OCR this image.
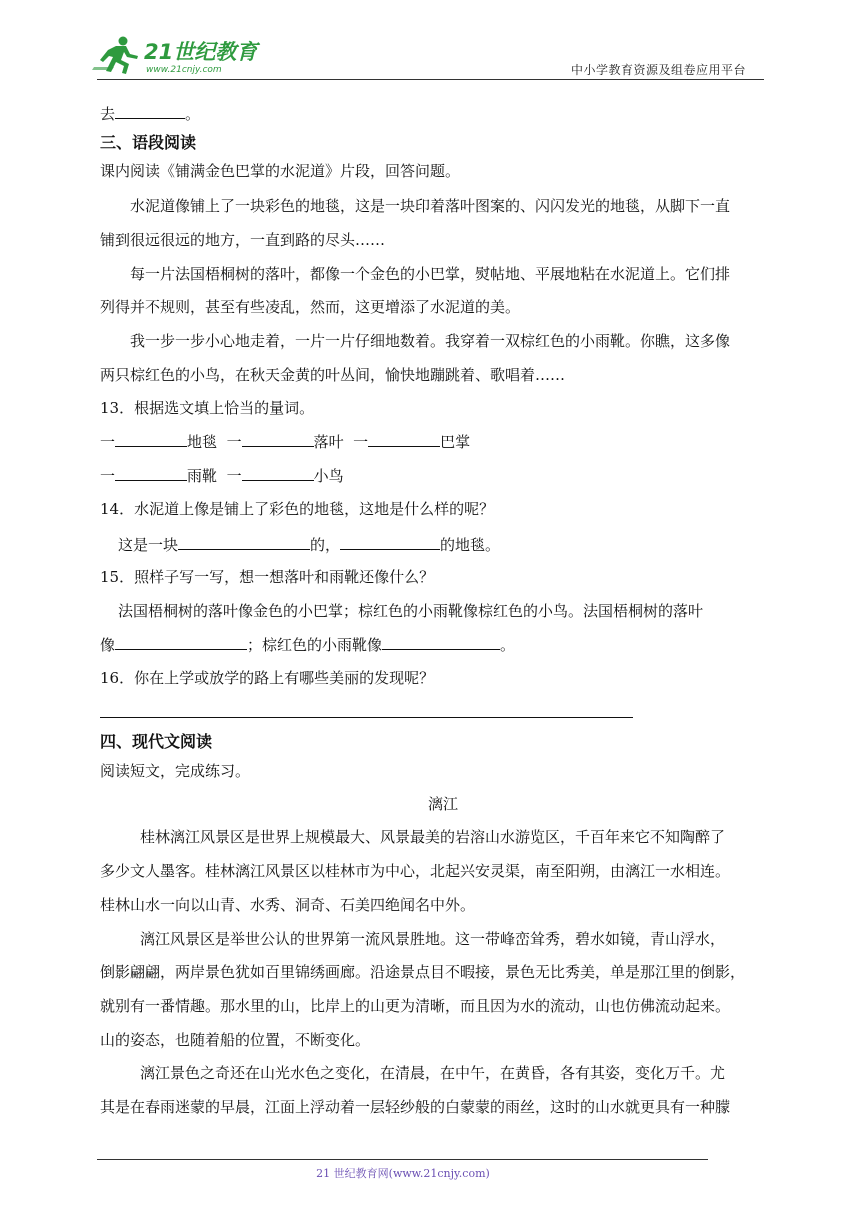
21世纪教育
www.21cnjy.com	中小学教育资源及组卷应用平台
去	。
三、语段阅读
课内阅读《铺满金色巴掌的水泥道》片段，回答问题。
水泥道像铺上了一块彩色的地毯，这是一块印着落叶图案的、闪闪发光的地毯，从脚下一直
铺到很远很远的地方，一直到路的尽头……
每一片法国梧桐树的落叶，都像一个金色的小巴掌，熨帖地、平展地粘在水泥道上。它们排
列得并不规则，甚至有些凌乱，然而，这更增添了水泥道的美。
我一步一步小心地走着，一片一片仔细地数着。我穿着一双棕红色的小雨靴。你瞧，这多像
两只棕红色的小鸟，在秋天金黄的叶丛间，愉快地蹦跳着、歌唱着……
13．根据选文填上恰当的量词。
一	地毯 一	落叶 一	巴掌
一	雨靴 一	小鸟
14．水泥道上像是铺上了彩色的地毯，这地是什么样的呢？
这是一块	的，	的地毯。
15．照样子写一写，想一想落叶和雨靴还像什么？
法国梧桐树的落叶像金色的小巴掌；棕红色的小雨靴像棕红色的小鸟。法国梧桐树的落叶
像	；棕红色的小雨靴像	。
16．你在上学或放学的路上有哪些美丽的发现呢？
四、现代文阅读
阅读短文，完成练习。
漓江
桂林漓江风景区是世界上规模最大、风景最美的岩溶山水游览区，千百年来它不知陶醉了
多少文人墨客。桂林漓江风景区以桂林市为中心，北起兴安灵渠，南至阳朔，由漓江一水相连。
桂林山水一向以山青、水秀、洞奇、石美四绝闻名中外。
漓江风景区是举世公认的世界第一流风景胜地。这一带峰峦耸秀，碧水如镜，青山浮水，
倒影翩翩，两岸景色犹如百里锦绣画廊。沿途景点目不暇接，景色无比秀美，单是那江里的倒影，
就别有一番情趣。那水里的山，比岸上的山更为清晰，而且因为水的流动，山也仿佛流动起来。
山的姿态，也随着船的位置，不断变化。
漓江景色之奇还在山光水色之变化，在清晨，在中午，在黄昏，各有其姿，变化万千。尤
其是在春雨迷蒙的早晨，江面上浮动着一层轻纱般的白蒙蒙的雨丝，这时的山水就更具有一种朦
21 世纪教育网(www.21cnjy.com)
